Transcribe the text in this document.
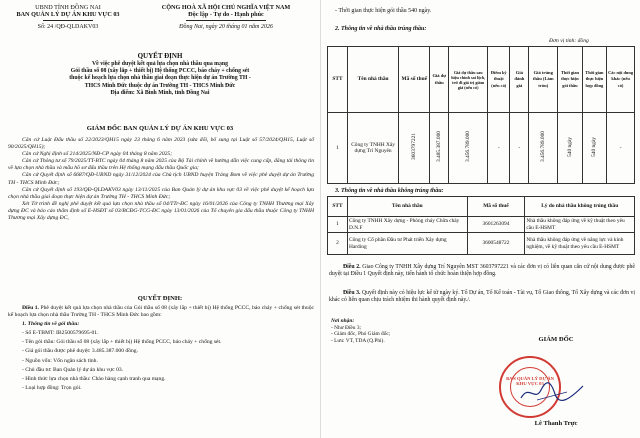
UBND TỈNH ĐỒNG NAI
BAN QUẢN LÝ DỰ ÁN KHU VỰC 03
Số: 24 /QĐ-QLDAKV03
CỘNG HOÀ XÃ HỘI CHỦ NGHĨA VIỆT NAM
Độc lập - Tự do - Hạnh phúc
Đồng Nai, ngày 20 tháng 01 năm 2026
QUYẾT ĐỊNH
Về việc phê duyệt kết quả lựa chọn nhà thầu qua mạng
Gói thầu số 08 (xây lắp + thiết bị) Hệ thống PCCC, báo cháy + chống sét
thuộc kế hoạch lựa chọn nhà thầu giai đoạn thực hiện dự án Trường TH -
THCS Minh Đức thuộc dự án Trường TH - THCS Minh Đức
Địa điểm: Xã Bình Minh, tỉnh Đồng Nai
GIÁM ĐỐC BAN QUẢN LÝ DỰ ÁN KHU VỰC 03
Căn cứ Luật Đấu thầu số 22/2023/QH15 ngày 23 tháng 6 năm 2023 (sửa đổi, bổ sung tại Luật số 57/2024/QH15, Luật số 90/2025/QH15);
Căn cứ Nghị định số 214/2025/NĐ-CP ngày 04 tháng 8 năm 2025;
Căn cứ Thông tư số 79/2025/TT-BTC ngày 04 tháng 8 năm 2025 của Bộ Tài chính về hướng dẫn việc cung cấp, đăng tải thông tin về lựa chọn nhà thầu và mẫu hồ sơ đấu thầu trên Hệ thống mạng đấu thầu Quốc gia;
Căn cứ Quyết định số 6687/QĐ-UBND ngày 31/12/2024 của Chủ tịch UBND huyện Trảng Bom về việc phê duyệt dự án Trường TH - THCS Minh Đức;
Căn cứ Quyết định số 193/QĐ-QLDAKV03 ngày 13/11/2025 của Ban Quản lý dự án khu vực 03 về việc phê duyệt kế hoạch lựa chọn nhà thầu giai đoạn thực hiện dự án Trường TH - THCS Minh Đức;
Xét Tờ trình đề nghị phê duyệt kết quả lựa chọn nhà thầu số 04/TTr-ĐC ngày 16/01/2026 của Công ty TNHH Thương mại Xây dựng ĐC và báo cáo thẩm định số E-HSĐT số 03/BCĐG-TCG-ĐC ngày 13/01/2026 của Tổ chuyên gia đấu thầu thuộc Công ty TNHH Thương mại Xây dựng ĐC,
QUYẾT ĐỊNH:
Điều 1. Phê duyệt kết quả lựa chọn nhà thầu của Gói thầu số 08 (xây lắp + thiết bị) Hệ thống PCCC, báo cháy + chống sét thuộc kế hoạch lựa chọn nhà thầu Trường TH - THCS Minh Đức bao gồm:
1. Thông tin về gói thầu:
- Số E-TBMT: IB2500579695-01.
- Tên gói thầu: Gói thầu số 08 (xây lắp + thiết bị) Hệ thống PCCC, báo cháy + chống sét.
- Giá gói thầu được phê duyệt: 3.485.387.000 đồng.
- Nguồn vốn: Vốn ngân sách tỉnh.
- Chủ đầu tư: Ban Quản lý dự án khu vực 03.
- Hình thức lựa chọn nhà thầu: Chào hàng cạnh tranh qua mạng.
- Loại hợp đồng: Trọn gói.
- Thời gian thực hiện gói thầu 540 ngày.
2. Thông tin về nhà thầu trúng thầu:
Đơn vị tính: đồng
STT	Tên nhà thầu	Mã số thuế	Giá dự thầu	Giá dự thầu sau hiệu chỉnh sai lệch, trừ đi giá trị giảm giá (nếu có)	Điểm kỹ thuật (nếu có)	Giá đánh giá	Giá trúng thầu (Làm tròn)	Thời gian thực hiện gói thầu	Thời gian thực hiện hợp đồng	Các nội dung khác (nếu có)
1	Công ty TNHH Xây dựng Trí Nguyên	3603797221	3.485.387.000	3.456.789.000	-	-	3.456.789.000	540 ngày	540 ngày	-
3. Thông tin về nhà thầu không trúng thầu:
STT	Tên nhà thầu	Mã số thuế	Lý do nhà thầu không trúng thầu
1	Công ty TNHH Xây dựng - Phòng cháy Chữa cháy D.N.F	3601263094	Nhà thầu không đáp ứng về kỹ thuật theo yêu cầu E-HSMT
2	Công ty Cổ phần Đầu tư Phát triển Xây dựng Harding	3600548722	Nhà thầu không đáp ứng về năng lực và kinh nghiệm, về kỹ thuật theo yêu cầu E-HSMT
Điều 2. Giao Công ty TNHH Xây dựng Trí Nguyên MST 3603797221 và các đơn vị có liên quan căn cứ nội dung được phê duyệt tại Điều 1 Quyết định này, tiến hành tổ chức hoàn thiện hợp đồng.
Điều 3. Quyết định này có hiệu lực kể từ ngày ký. Tổ Dự án, Tổ Kế toán - Tài vụ, Tổ Giao thông, Tổ Xây dựng và các đơn vị khác có liên quan chịu trách nhiệm thi hành quyết định này./.
Nơi nhận:
- Như Điều 3;
- Giám đốc, Phó Giám đốc;
- Lưu: VT, TDA (Q.Phi).	GIÁM ĐỐC
BAN QUẢN LÝ DỰ ÁN KHU VỰC 03
Lê Thanh Trực
